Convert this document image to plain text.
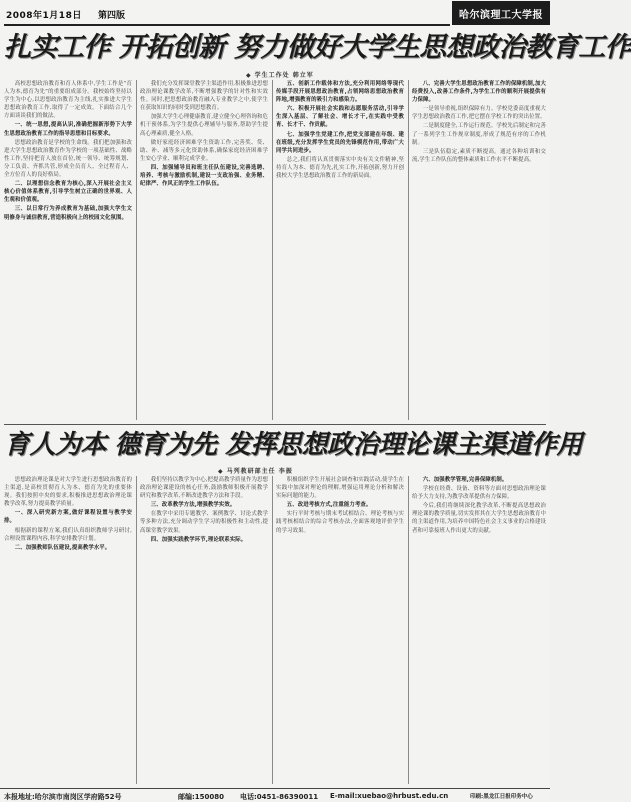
2008年1月18日 第四版	哈尔滨理工大学报
扎实工作 开拓创新 努力做好大学生思想政治教育工作
◆ 学生工作处 韩立军

高校思想政治教育和育人体系中,学生工作是“育人为本,德育为先”的重要组成部分。我校始终坚持以学生为中心,以思想政治教育为主线,扎实推进大学生思想政治教育工作,取得了一定成效。下面结合几个方面谈谈我们的做法。

一、统一思想,提高认识,准确把握新形势下大学生思想政治教育工作的指导思想和目标要求。

思想政治教育是学校的生命线。我们把加强和改进大学生思想政治教育作为学校的一项基础性、战略性工作,坚持把育人放在首位,统一领导、统筹规划、分工负责、齐抓共管,形成全员育人、全过程育人、全方位育人的良好格局。

二、以理想信念教育为核心,深入开展社会主义核心价值体系教育,引导学生树立正确的世界观、人生观和价值观。

三、以日常行为养成教育为基础,加强大学生文明修身与诚信教育,营造积极向上的校园文化氛围。

我们充分发挥课堂教学主渠道作用,积极推进思想政治理论课教学改革,不断增强教学的针对性和实效性。同时,把思想政治教育融入专业教学之中,使学生在获取知识的同时受到思想教育。

加强大学生心理健康教育,建立健全心理咨询和危机干预体系,为学生提供心理辅导与服务,帮助学生提高心理素质,健全人格。

做好家庭经济困难学生资助工作,完善奖、贷、助、补、减等多元化资助体系,确保家庭经济困难学生安心学业、顺利完成学业。

四、加强辅导员和班主任队伍建设,完善选聘、培养、考核与激励机制,建设一支政治强、业务精、纪律严、作风正的学生工作队伍。

五、创新工作载体和方法,充分利用网络等现代传媒手段开展思想政治教育,占领网络思想政治教育阵地,增强教育的吸引力和感染力。

六、积极开展社会实践和志愿服务活动,引导学生深入基层、了解社会、增长才干,在实践中受教育、长才干、作贡献。

七、加强学生党建工作,把党支部建在年级、建在班级,充分发挥学生党员的先锋模范作用,带动广大同学共同进步。

总之,我们将认真贯彻落实中央有关文件精神,坚持育人为本、德育为先,扎实工作,开拓创新,努力开创我校大学生思想政治教育工作的新局面。

八、完善大学生思想政治教育工作的保障机制,加大经费投入,改善工作条件,为学生工作的顺利开展提供有力保障。

一是领导重视,组织保障有力。学校党委高度重视大学生思想政治教育工作,把它摆在学校工作的突出位置。

二是制度健全,工作运行规范。学校先后制定和完善了一系列学生工作规章制度,形成了规范有序的工作机制。

三是队伍稳定,素质不断提高。通过各种培训和交流,学生工作队伍的整体素质和工作水平不断提高。

育人为本 德育为先 发挥思想政治理论课主渠道作用
◆ 马列教研部主任 李振

思想政治理论课是对大学生进行思想政治教育的主渠道,是高校贯彻育人为本、德育为先的重要体现。我们按照中央的要求,积极推进思想政治理论课教学改革,努力提高教学质量。

一、深入研究新方案,做好课程设置与教学安排。

根据新的课程方案,我们认真组织教师学习研讨,合理设置课程内容,科学安排教学计划。

二、加强教师队伍建设,提高教学水平。

我们坚持以教学为中心,把提高教学质量作为思想政治理论课建设的核心任务,鼓励教师积极开展教学研究和教学改革,不断改进教学方法和手段。

三、改革教学方法,增强教学实效。

在教学中采用专题教学、案例教学、讨论式教学等多种方法,充分调动学生学习的积极性和主动性,提高课堂教学效果。

四、加强实践教学环节,理论联系实际。

积极组织学生开展社会调查和实践活动,使学生在实践中加深对理论的理解,增强运用理论分析和解决实际问题的能力。

五、改进考核方式,注重能力考查。

实行平时考核与期末考试相结合、理论考核与实践考核相结合的综合考核办法,全面客观地评价学生的学习效果。

六、加强教学管理,完善保障机制。

学校在经费、设备、资料等方面对思想政治理论课给予大力支持,为教学改革提供有力保障。

今后,我们将继续深化教学改革,不断提高思想政治理论课的教学质量,切实发挥其在大学生思想政治教育中的主渠道作用,为培养中国特色社会主义事业的合格建设者和可靠接班人作出更大的贡献。

本报地址:哈尔滨市南岗区学府路52号	邮编:150080 电话:0451-86390011 E-mail:xuebao@hrbust.edu.cn	印刷:黑龙江日报印务中心
